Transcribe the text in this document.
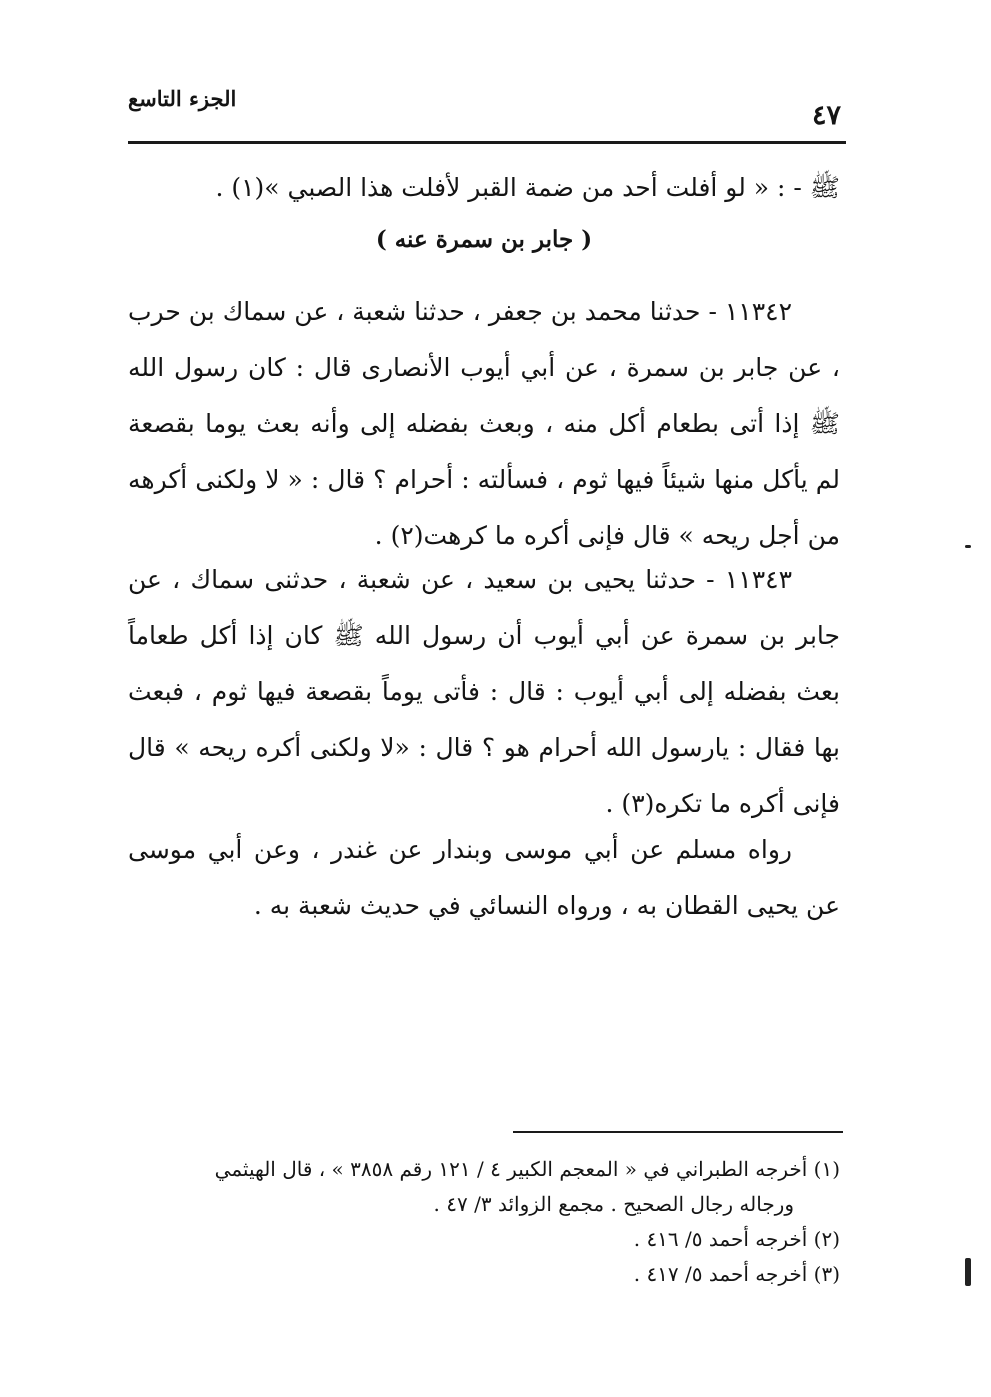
الجزء التاسع
٤٧
ﷺ - : « لو أفلت أحد من ضمة القبر لأفلت هذا الصبي »(١) .
( جابر بن سمرة عنه )
١١٣٤٢ - حدثنا محمد بن جعفر ، حدثنا شعبة ، عن سماك بن حرب ، عن جابر بن سمرة ، عن أبي أيوب الأنصارى قال : كان رسول الله ﷺ إذا أتى بطعام أكل منه ، وبعث بفضله إلى وأنه بعث يوما بقصعة لم يأكل منها شيئاً فيها ثوم ، فسألته : أحرام ؟ قال : « لا ولكنى أكرهه من أجل ريحه » قال فإنى أكره ما كرهت(٢) .
١١٣٤٣ - حدثنا يحيى بن سعيد ، عن شعبة ، حدثنى سماك ، عن جابر بن سمرة عن أبي أيوب أن رسول الله ﷺ كان إذا أكل طعاماً بعث بفضله إلى أبي أيوب : قال : فأتى يوماً بقصعة فيها ثوم ، فبعث بها فقال : يارسول الله أحرام هو ؟ قال : «لا ولكنى أكره ريحه » قال فإنى أكره ما تكره(٣) .
رواه مسلم عن أبي موسى وبندار عن غندر ، وعن أبي موسى عن يحيى القطان به ، ورواه النسائي في حديث شعبة به .
(١) أخرجه الطبراني في « المعجم الكبير ٤ / ١٢١ رقم ٣٨٥٨ » ، قال الهيثمي
ورجاله رجال الصحيح . مجمع الزوائد ٣/ ٤٧ .
(٢) أخرجه أحمد ٥/ ٤١٦ .
(٣) أخرجه أحمد ٥/ ٤١٧ .
